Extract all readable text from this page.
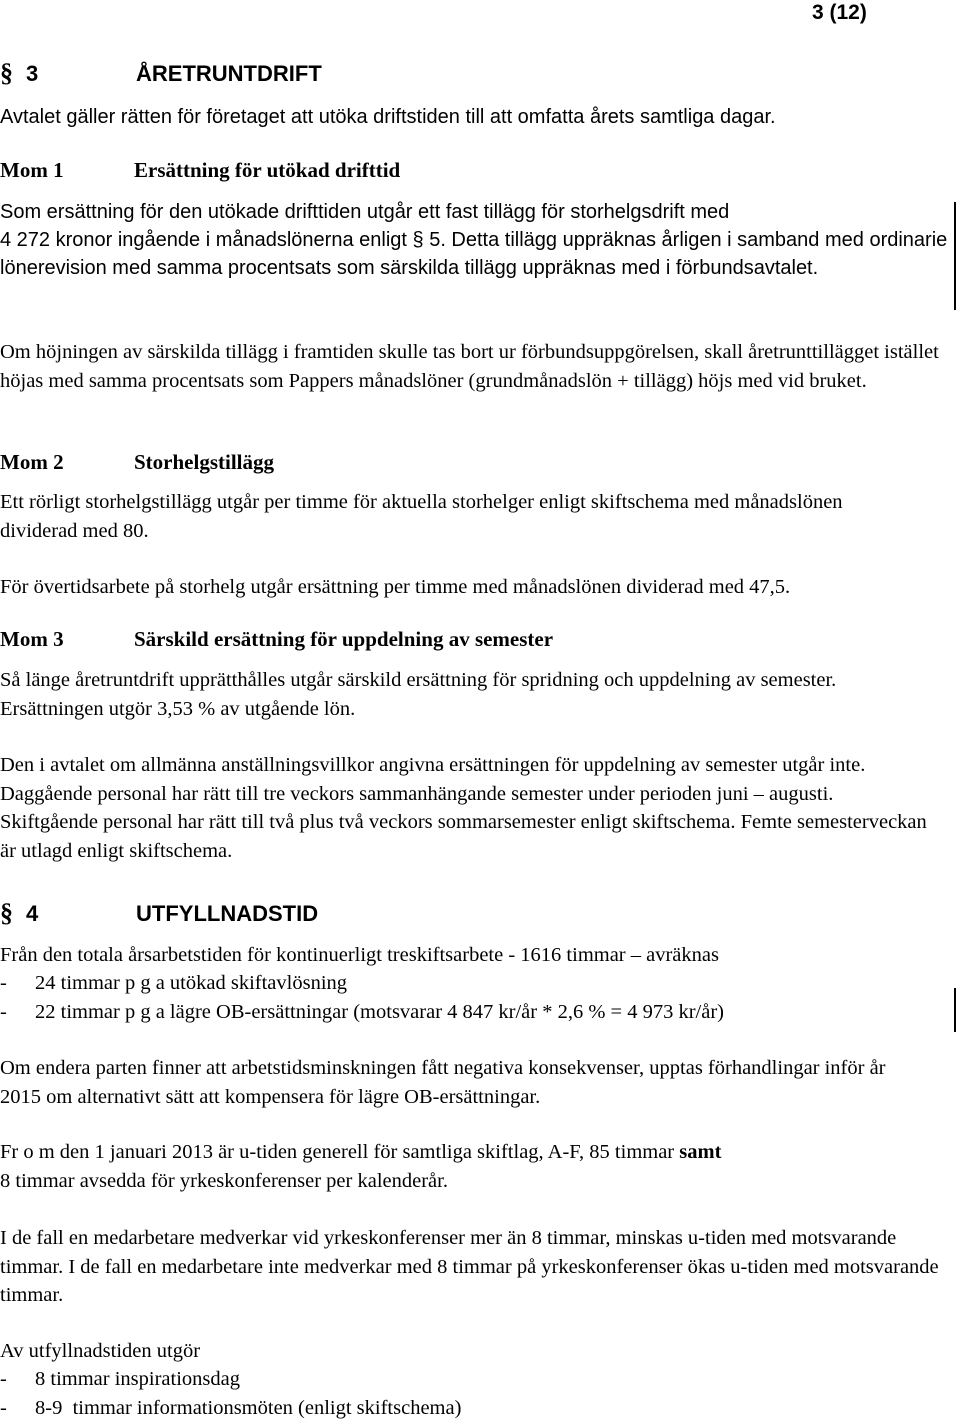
3 (12)
§ 3	ÅRETRUNTDRIFT

Avtalet gäller rätten för företaget att utöka driftstiden till att omfatta årets samtliga dagar.

Mom 1	Ersättning för utökad drifttid

Som ersättning för den utökade drifttiden utgår ett fast tillägg för storhelgsdrift med

4 272 kronor ingående i månadslönerna enligt § 5. Detta tillägg uppräknas årligen i samband med ordinarie lönerevision med samma procentsats som särskilda tillägg uppräknas med i förbundsavtalet.

Om höjningen av särskilda tillägg i framtiden skulle tas bort ur förbundsuppgörelsen, skall åretrunttillägget istället höjas med samma procentsats som Pappers månadslöner (grundmånadslön + tillägg) höjs med vid bruket.

Mom 2	Storhelgstillägg

Ett rörligt storhelgstillägg utgår per timme för aktuella storhelger enligt skiftschema med månadslönen dividerad med 80.

För övertidsarbete på storhelg utgår ersättning per timme med månadslönen dividerad med 47,5.

Mom 3	Särskild ersättning för uppdelning av semester

Så länge åretruntdrift upprätthålles utgår särskild ersättning för spridning och uppdelning av semester. Ersättningen utgör 3,53 % av utgående lön.

Den i avtalet om allmänna anställningsvillkor angivna ersättningen för uppdelning av semester utgår inte. Daggående personal har rätt till tre veckors sammanhängande semester under perioden juni – augusti. Skiftgående personal har rätt till två plus två veckors sommarsemester enligt skiftschema. Femte semesterveckan är utlagd enligt skiftschema.

§ 4	UTFYLLNADSTID

Från den totala årsarbetstiden för kontinuerligt treskiftsarbete - 1616 timmar – avräknas

- 24 timmar p g a utökad skiftavlösning
- 22 timmar p g a lägre OB-ersättningar (motsvarar 4 847 kr/år * 2,6 % = 4 973 kr/år)

Om endera parten finner att arbetstidsminskningen fått negativa konsekvenser, upptas förhandlingar inför år 2015 om alternativt sätt att kompensera för lägre OB-ersättningar.

Fr o m den 1 januari 2013 är u-tiden generell för samtliga skiftlag, A-F, 85 timmar samt
8 timmar avsedda för yrkeskonferenser per kalenderår.

I de fall en medarbetare medverkar vid yrkeskonferenser mer än 8 timmar, minskas u-tiden med motsvarande timmar. I de fall en medarbetare inte medverkar med 8 timmar på yrkeskonferenser ökas u-tiden med motsvarande timmar.

Av utfyllnadstiden utgör

- 8 timmar inspirationsdag
- 8-9  timmar informationsmöten (enligt skiftschema)
